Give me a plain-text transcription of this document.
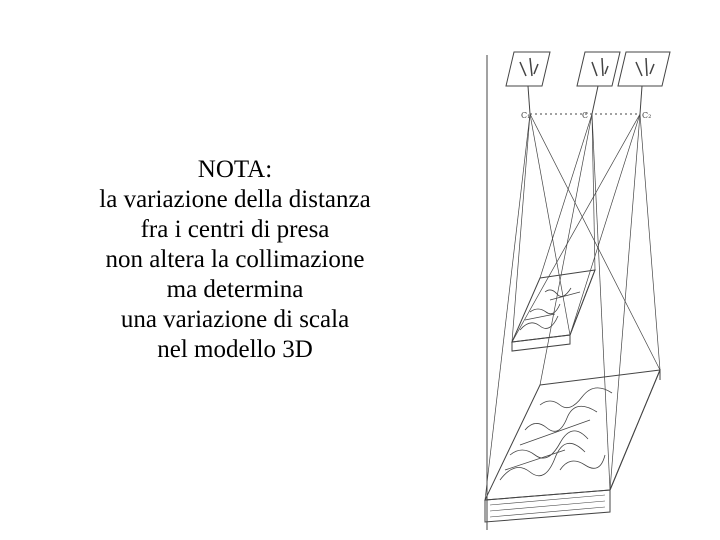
NOTA:
la variazione della distanza
fra i centri di presa
non altera la collimazione
ma determina
una variazione di scala
nel modello 3D
C₁	C	C₂
